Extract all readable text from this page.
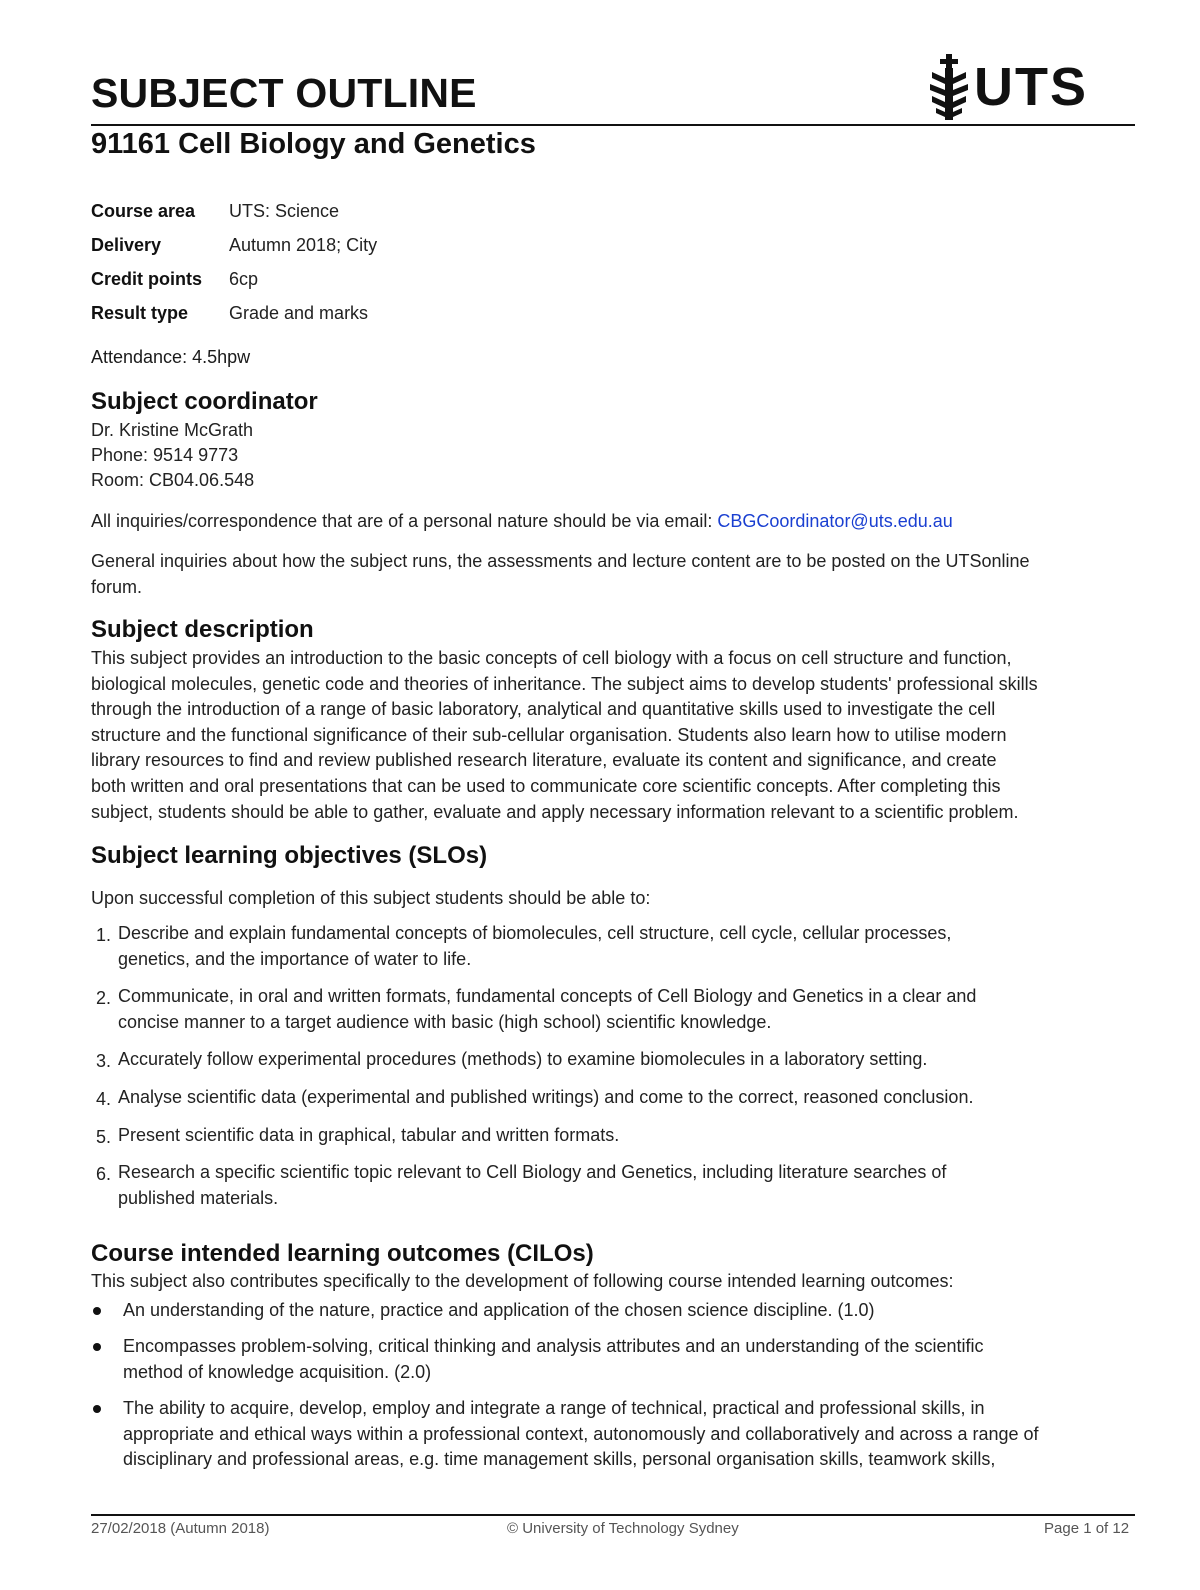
SUBJECT OUTLINE	UTS
91161 Cell Biology and Genetics
Course area	UTS: Science
Delivery	Autumn 2018; City
Credit points	6cp
Result type	Grade and marks
Attendance: 4.5hpw
Subject coordinator
Dr. Kristine McGrath
Phone: 9514 9773
Room: CB04.06.548
All inquiries/correspondence that are of a personal nature should be via email: CBGCoordinator@uts.edu.au
General inquiries about how the subject runs, the assessments and lecture content are to be posted on the UTSonline
forum.
Subject description
This subject provides an introduction to the basic concepts of cell biology with a focus on cell structure and function,
biological molecules, genetic code and theories of inheritance. The subject aims to develop students' professional skills
through the introduction of a range of basic laboratory, analytical and quantitative skills used to investigate the cell
structure and the functional significance of their sub-cellular organisation. Students also learn how to utilise modern
library resources to find and review published research literature, evaluate its content and significance, and create
both written and oral presentations that can be used to communicate core scientific concepts. After completing this
subject, students should be able to gather, evaluate and apply necessary information relevant to a scientific problem.
Subject learning objectives (SLOs)
Upon successful completion of this subject students should be able to:
1. Describe and explain fundamental concepts of biomolecules, cell structure, cell cycle, cellular processes,
genetics, and the importance of water to life.
2. Communicate, in oral and written formats, fundamental concepts of Cell Biology and Genetics in a clear and
concise manner to a target audience with basic (high school) scientific knowledge.
3. Accurately follow experimental procedures (methods) to examine biomolecules in a laboratory setting.
4. Analyse scientific data (experimental and published writings) and come to the correct, reasoned conclusion.
5. Present scientific data in graphical, tabular and written formats.
6. Research a specific scientific topic relevant to Cell Biology and Genetics, including literature searches of
published materials.
Course intended learning outcomes (CILOs)
This subject also contributes specifically to the development of following course intended learning outcomes:
An understanding of the nature, practice and application of the chosen science discipline. (1.0)
Encompasses problem-solving, critical thinking and analysis attributes and an understanding of the scientific
method of knowledge acquisition. (2.0)
The ability to acquire, develop, employ and integrate a range of technical, practical and professional skills, in
appropriate and ethical ways within a professional context, autonomously and collaboratively and across a range of
disciplinary and professional areas, e.g. time management skills, personal organisation skills, teamwork skills,
27/02/2018 (Autumn 2018)	© University of Technology Sydney	Page 1 of 12
